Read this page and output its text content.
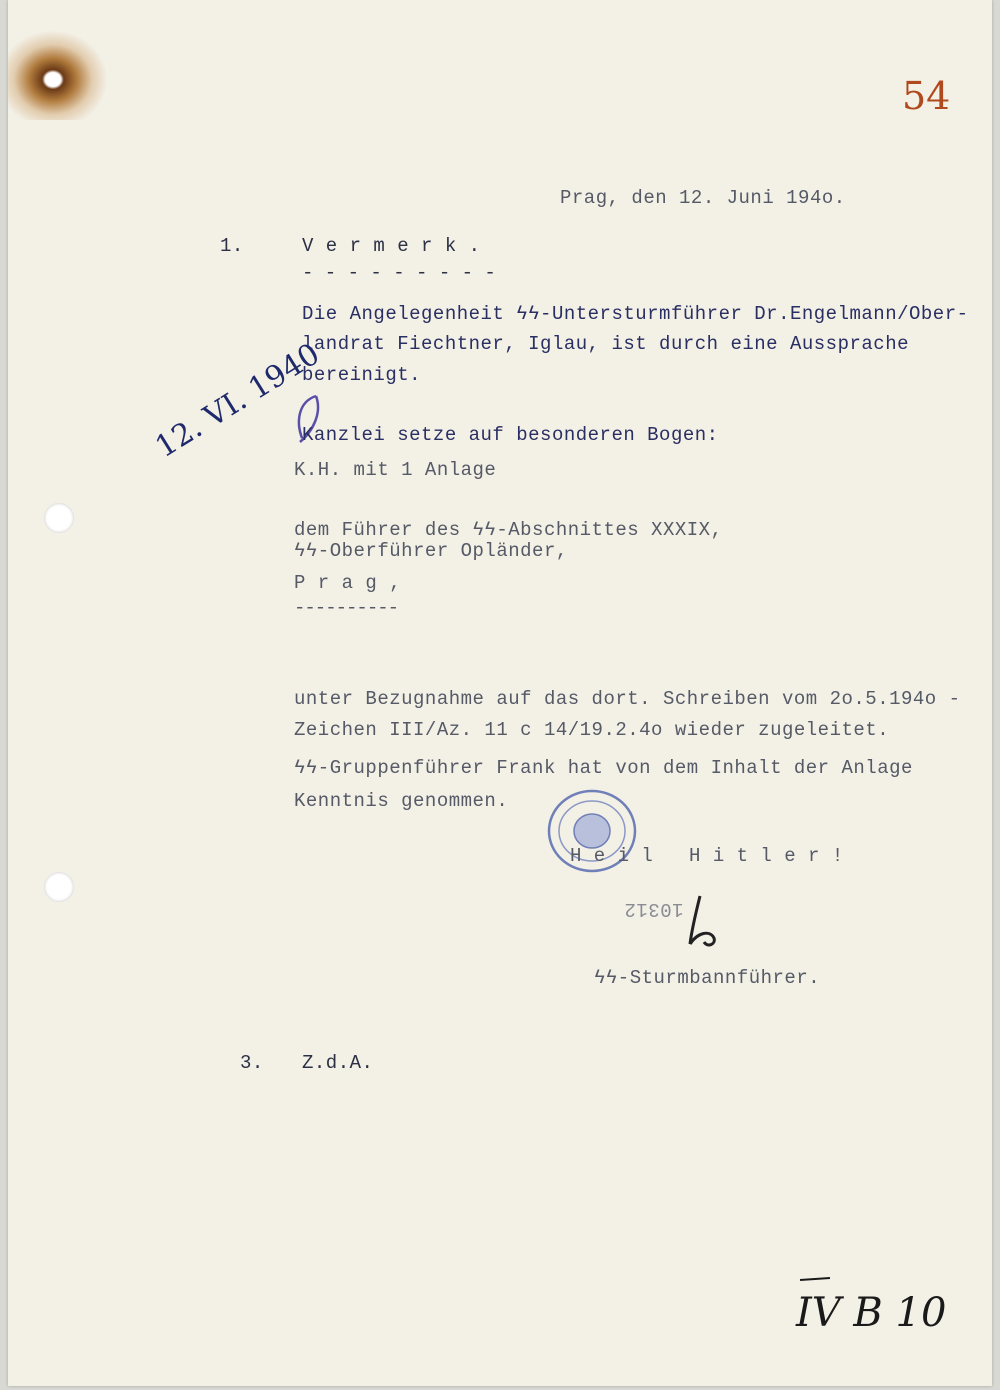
54
Prag, den 12. Juni 194o.
1.	V e r m e r k .
- - - - - - - - -
Die Angelegenheit ϟϟ-Untersturmführer Dr.Engelmann/Ober-
landrat Fiechtner, Iglau, ist durch eine Aussprache
bereinigt.
12. VI. 1940
Kanzlei setze auf besonderen Bogen:
K.H. mit 1 Anlage
dem Führer des ϟϟ-Abschnittes XXXIX,
ϟϟ-Oberführer Opländer,
P r a g ,
----------
unter Bezugnahme auf das dort. Schreiben vom 2o.5.194o -
Zeichen III/Az. 11 c 14/19.2.4o wieder zugeleitet.
ϟϟ-Gruppenführer Frank hat von dem Inhalt der Anlage
Kenntnis genommen.
H e i l   H i t l e r !
10312
ϟϟ-Sturmbannführer.
3. Z.d.A.
IV B 10
